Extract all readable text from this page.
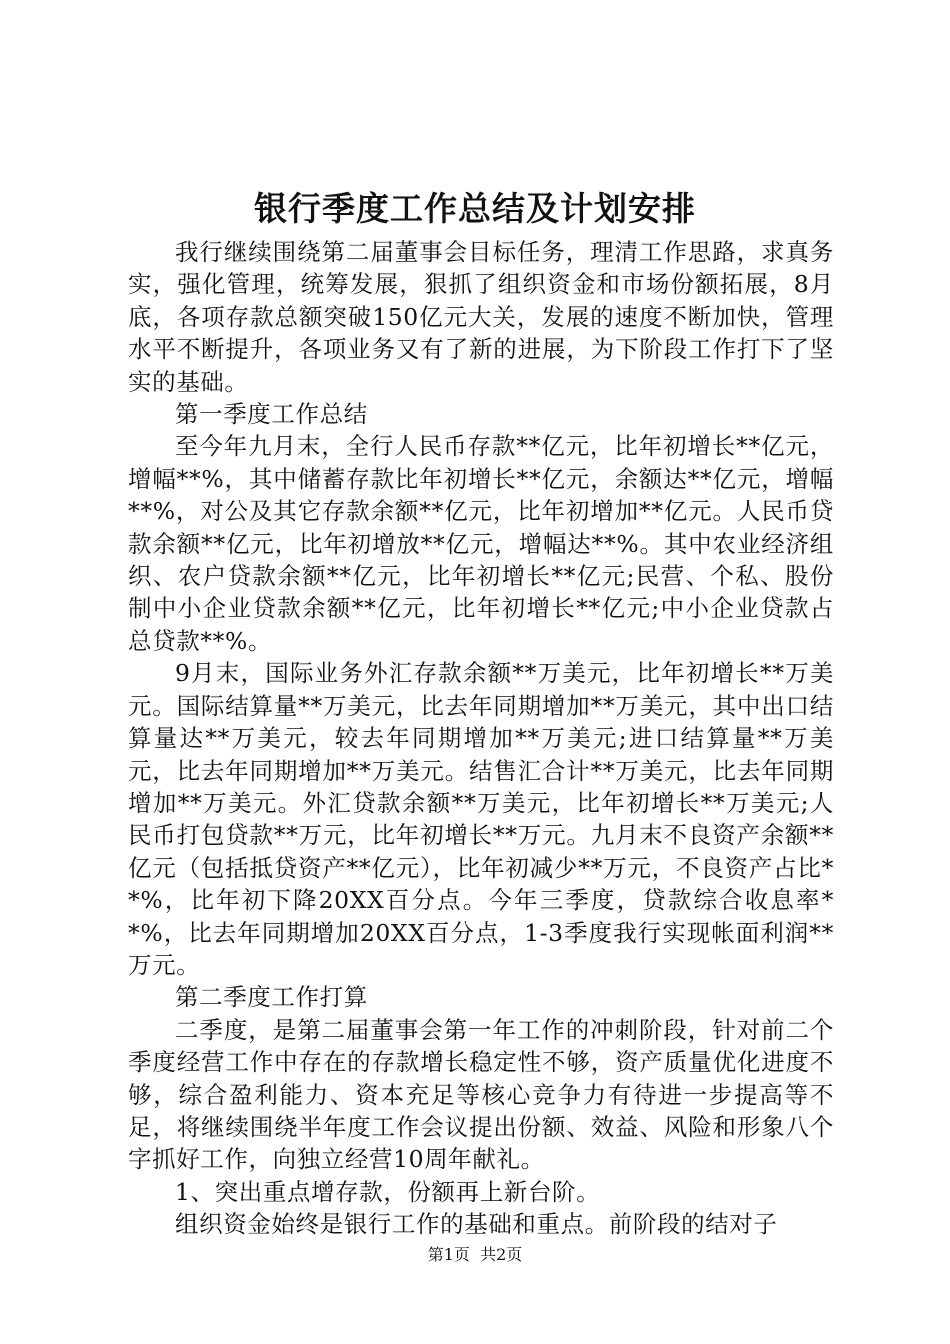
银行季度工作总结及计划安排

我行继续围绕第二届董事会目标任务，理清工作思路，求真务实，强化管理，统筹发展，狠抓了组织资金和市场份额拓展，8月底，各项存款总额突破150亿元大关，发展的速度不断加快，管理水平不断提升，各项业务又有了新的进展，为下阶段工作打下了坚实的基础。

第一季度工作总结

至今年九月末，全行人民币存款**亿元，比年初增长**亿元，增幅**%，其中储蓄存款比年初增长**亿元，余额达**亿元，增幅**%，对公及其它存款余额**亿元，比年初增加**亿元。人民币贷款余额**亿元，比年初增放**亿元，增幅达**%。其中农业经济组织、农户贷款余额**亿元，比年初增长**亿元;民营、个私、股份制中小企业贷款余额**亿元，比年初增长**亿元;中小企业贷款占总贷款**%。

9月末，国际业务外汇存款余额**万美元，比年初增长**万美元。国际结算量**万美元，比去年同期增加**万美元，其中出口结算量达**万美元，较去年同期增加**万美元;进口结算量**万美元，比去年同期增加**万美元。结售汇合计**万美元，比去年同期增加**万美元。外汇贷款余额**万美元，比年初增长**万美元;人民币打包贷款**万元，比年初增长**万元。九月末不良资产余额**亿元（包括抵贷资产**亿元），比年初减少**万元，不良资产占比**%，比年初下降20XX百分点。今年三季度，贷款综合收息率**%，比去年同期增加20XX百分点，1-3季度我行实现帐面利润**万元。

第二季度工作打算

二季度，是第二届董事会第一年工作的冲刺阶段，针对前二个季度经营工作中存在的存款增长稳定性不够，资产质量优化进度不够，综合盈利能力、资本充足等核心竞争力有待进一步提高等不足，将继续围绕半年度工作会议提出份额、效益、风险和形象八个字抓好工作，向独立经营10周年献礼。

1、突出重点增存款，份额再上新台阶。

组织资金始终是银行工作的基础和重点。前阶段的结对子

第1页 共2页
